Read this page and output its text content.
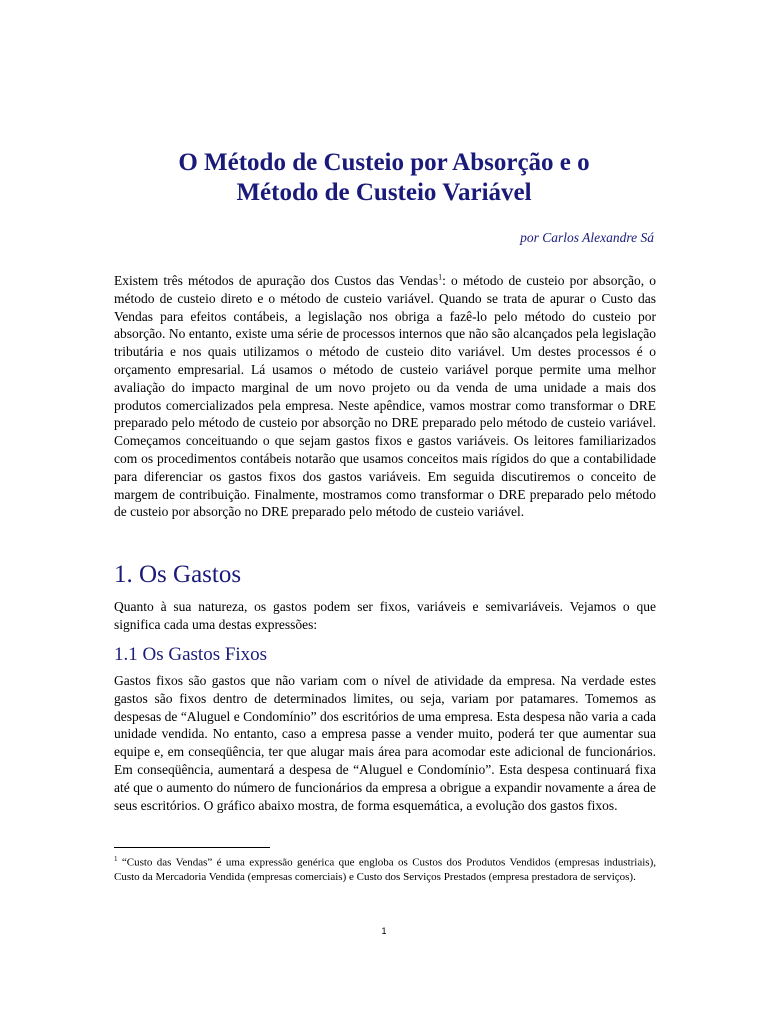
O Método de Custeio por Absorção e o
Método de Custeio Variável
por Carlos Alexandre Sá

Existem três métodos de apuração dos Custos das Vendas$^1$: o método de custeio por absorção, o método de custeio direto e o método de custeio variável. Quando se trata de apurar o Custo das Vendas para efeitos contábeis, a legislação nos obriga a fazê-lo pelo método do custeio por absorção. No entanto, existe uma série de processos internos que não são alcançados pela legislação tributária e nos quais utilizamos o método de custeio dito variável. Um destes processos é o orçamento empresarial. Lá usamos o método de custeio variável porque permite uma melhor avaliação do impacto marginal de um novo projeto ou da venda de uma unidade a mais dos produtos comercializados pela empresa. Neste apêndice, vamos mostrar como transformar o DRE preparado pelo método de custeio por absorção no DRE preparado pelo método de custeio variável. Começamos conceituando o que sejam gastos fixos e gastos variáveis. Os leitores familiarizados com os procedimentos contábeis notarão que usamos conceitos mais rígidos do que a contabilidade para diferenciar os gastos fixos dos gastos variáveis. Em seguida discutiremos o conceito de margem de contribuição. Finalmente, mostramos como transformar o DRE preparado pelo método de custeio por absorção no DRE preparado pelo método de custeio variável.

1. Os Gastos

Quanto à sua natureza, os gastos podem ser fixos, variáveis e semivariáveis. Vejamos o que significa cada uma destas expressões:

1.1 Os Gastos Fixos

Gastos fixos são gastos que não variam com o nível de atividade da empresa. Na verdade estes gastos são fixos dentro de determinados limites, ou seja, variam por patamares. Tomemos as despesas de “Aluguel e Condomínio” dos escritórios de uma empresa. Esta despesa não varia a cada unidade vendida. No entanto, caso a empresa passe a vender muito, poderá ter que aumentar sua equipe e, em conseqüência, ter que alugar mais área para acomodar este adicional de funcionários. Em conseqüência, aumentará a despesa de “Aluguel e Condomínio”. Esta despesa continuará fixa até que o aumento do número de funcionários da empresa a obrigue a expandir novamente a área de seus escritórios. O gráfico abaixo mostra, de forma esquemática, a evolução dos gastos fixos.

$^1$ “Custo das Vendas” é uma expressão genérica que engloba os Custos dos Produtos Vendidos (empresas industriais), Custo da Mercadoria Vendida (empresas comerciais) e Custo dos Serviços Prestados (empresa prestadora de serviços).

1
